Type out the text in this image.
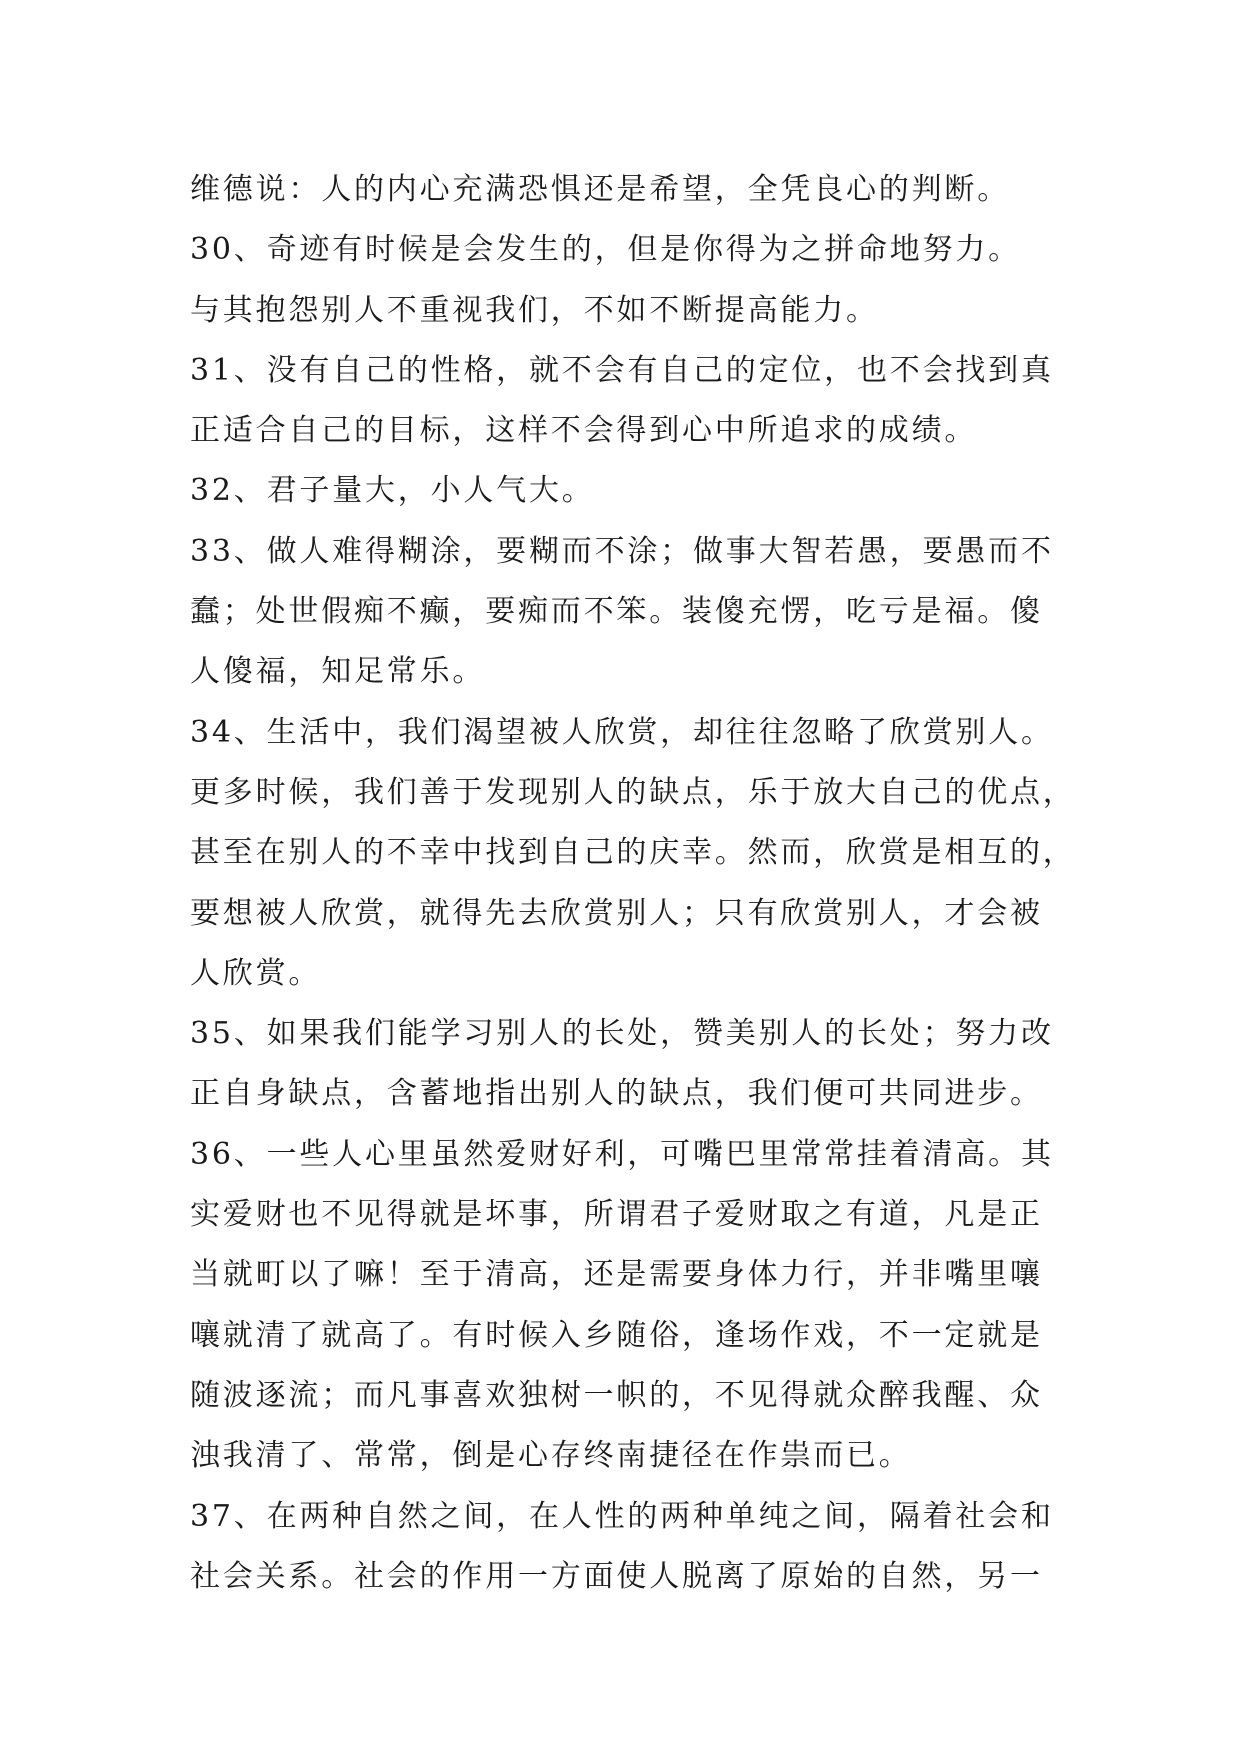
维德说：人的内心充满恐惧还是希望，全凭良心的判断。
30、奇迹有时候是会发生的，但是你得为之拼命地努力。
与其抱怨别人不重视我们，不如不断提高能力。
31、没有自己的性格，就不会有自己的定位，也不会找到真
正适合自己的目标，这样不会得到心中所追求的成绩。
32、君子量大，小人气大。
33、做人难得糊涂，要糊而不涂；做事大智若愚，要愚而不
蠢；处世假痴不癫，要痴而不笨。装傻充愣，吃亏是福。傻
人傻福，知足常乐。
34、生活中，我们渴望被人欣赏，却往往忽略了欣赏别人。
更多时候，我们善于发现别人的缺点，乐于放大自己的优点，
甚至在别人的不幸中找到自己的庆幸。然而，欣赏是相互的，
要想被人欣赏，就得先去欣赏别人；只有欣赏别人，才会被
人欣赏。
35、如果我们能学习别人的长处，赞美别人的长处；努力改
正自身缺点，含蓄地指出别人的缺点，我们便可共同进步。
36、一些人心里虽然爱财好利，可嘴巴里常常挂着清高。其
实爱财也不见得就是坏事，所谓君子爱财取之有道，凡是正
当就町以了嘛！至于清高，还是需要身体力行，并非嘴里嚷
嚷就清了就高了。有时候入乡随俗，逢场作戏，不一定就是
随波逐流；而凡事喜欢独树一帜的，不见得就众醉我醒、众
浊我清了、常常，倒是心存终南捷径在作祟而已。
37、在两种自然之间，在人性的两种单纯之间，隔着社会和
社会关系。社会的作用一方面使人脱离了原始的自然，另一
